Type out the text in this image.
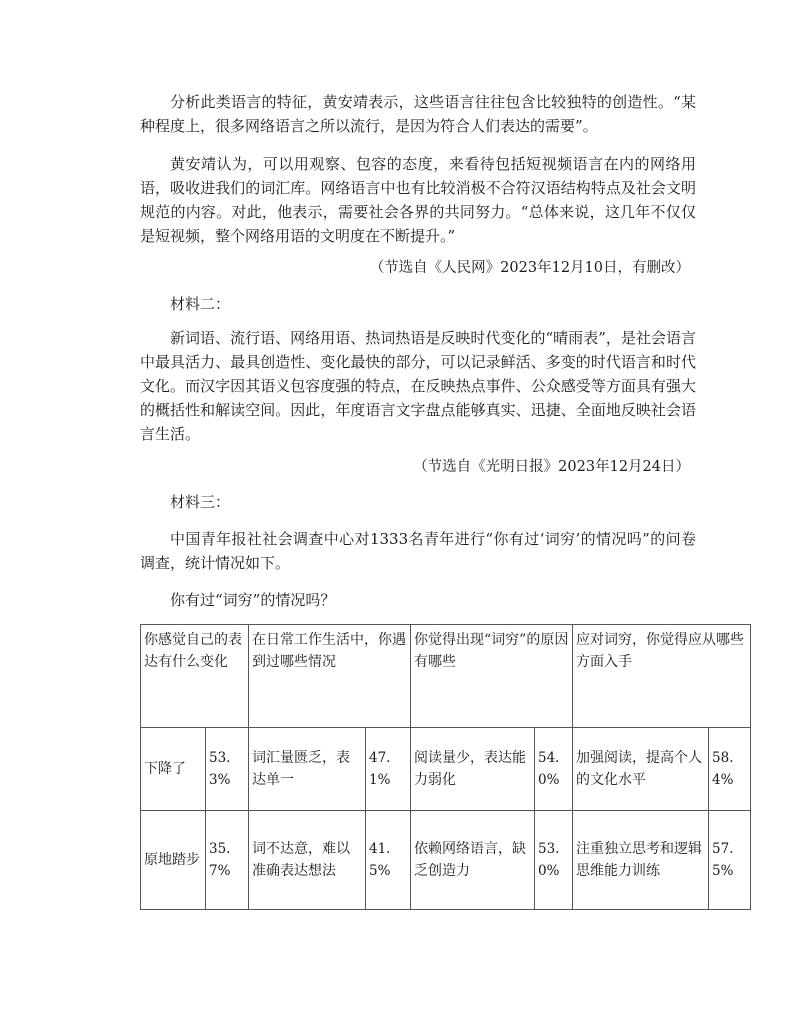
分析此类语言的特征，黄安靖表示，这些语言往往包含比较独特的创造性。“某种程度上，很多网络语言之所以流行，是因为符合人们表达的需要”。

黄安靖认为，可以用观察、包容的态度，来看待包括短视频语言在内的网络用语，吸收进我们的词汇库。网络语言中也有比较消极不合符汉语结构特点及社会文明规范的内容。对此，他表示，需要社会各界的共同努力。“总体来说，这几年不仅仅是短视频，整个网络用语的文明度在不断提升。”

（节选自《人民网》2023年12月10日，有删改）

材料二：

新词语、流行语、网络用语、热词热语是反映时代变化的“晴雨表”，是社会语言中最具活力、最具创造性、变化最快的部分，可以记录鲜活、多变的时代语言和时代文化。而汉字因其语义包容度强的特点，在反映热点事件、公众感受等方面具有强大的概括性和解读空间。因此，年度语言文字盘点能够真实、迅捷、全面地反映社会语言生活。

（节选自《光明日报》2023年12月24日）

材料三：

中国青年报社社会调查中心对1333名青年进行“你有过‘词穷’的情况吗”的问卷调查，统计情况如下。

你有过“词穷”的情况吗？

你感觉自己的表达有什么变化		在日常工作生活中，你遇到过哪些情况		你觉得出现“词穷”的原因有哪些		应对词穷，你觉得应从哪些方面入手	
下降了	53.3%	词汇量匮乏，表达单一	47.1%	阅读量少，表达能力弱化	54.0%	加强阅读，提高个人的文化水平	58.4%
原地踏步	35.7%	词不达意，难以准确表达想法	41.5%	依赖网络语言，缺乏创造力	53.0%	注重独立思考和逻辑思维能力训练	57.5%
